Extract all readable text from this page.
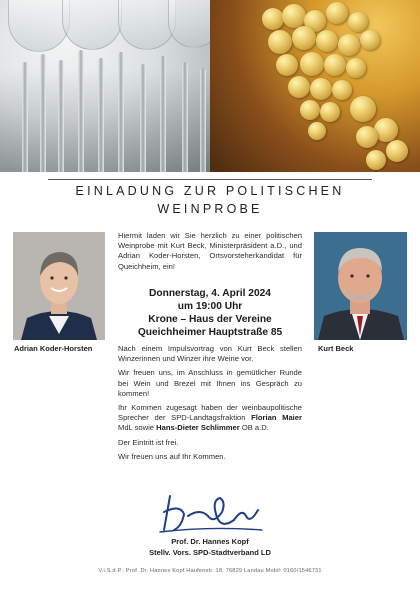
EINLADUNG ZUR POLITISCHEN
WEINPROBE
Adrian Koder-Horsten	Kurt Beck

Hiermit laden wir Sie herzlich zu einer politischen Weinprobe mit Kurt Beck, Ministerpräsident a.D., und Adrian Koder-Horsten, Ortsvorsteherkandidat für Queichheim, ein!

Donnerstag, 4. April 2024
um 19:00 Uhr
Krone – Haus der Vereine
Queichheimer Hauptstraße 85

Nach einem Impulsvortrag von Kurt Beck stellen Winzerinnen und Winzer ihre Weine vor.

Wir freuen uns, im Anschluss in gemütlicher Runde bei Wein und Brezel mit Ihnen ins Gespräch zu kommen!

Ihr Kommen zugesagt haben der weinbaupolitische Sprecher der SPD-Landtagsfraktion Florian Maier MdL sowie Hans-Dieter Schlimmer OB a.D.

Der Eintritt ist frei.

Wir freuen uns auf Ihr Kommen.

Prof. Dr. Hannes Kopf
Stellv. Vors. SPD-Stadtverband LD
V.i.S.d.P.: Prof. Dr. Hannes Kopf Haufenstr. 18, 76829 Landau Mobil: 0160/1546731
